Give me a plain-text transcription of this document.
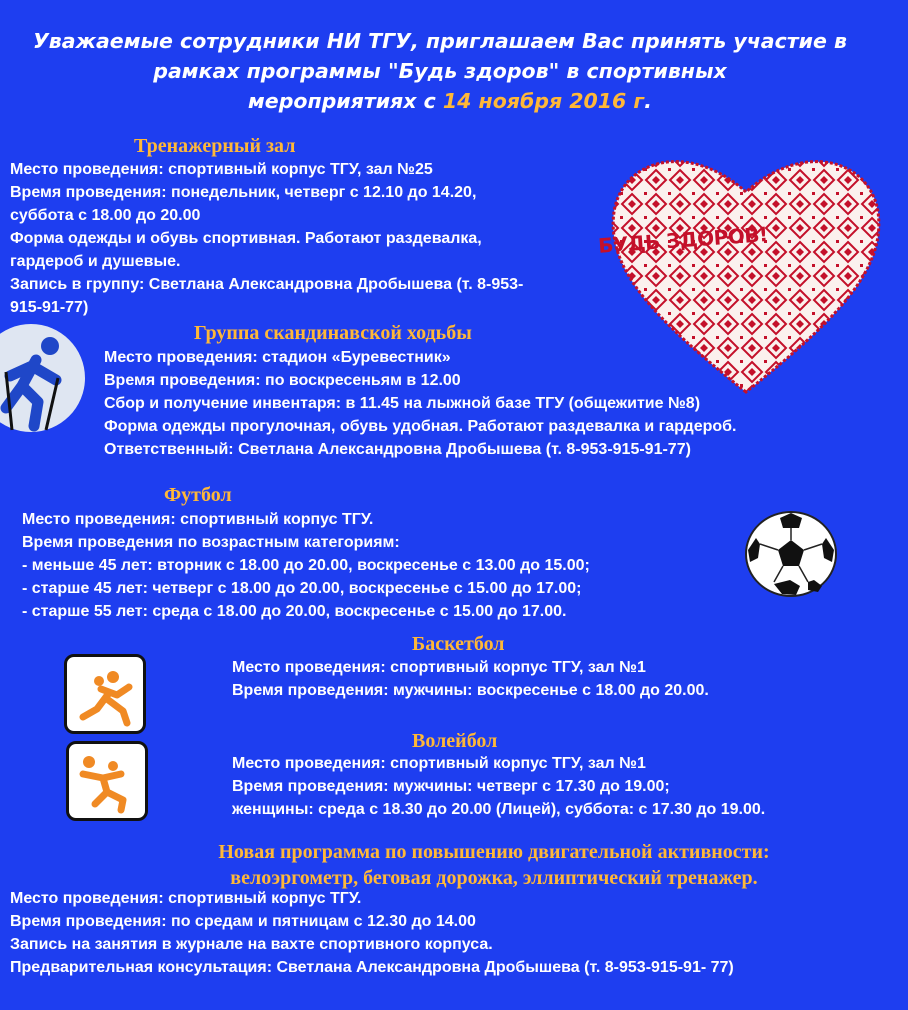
Уважаемые сотрудники НИ ТГУ, приглашаем Вас принять участие в
рамках программы "Будь здоров" в спортивных
мероприятиях с 14 ноября 2016 г.
БУДЬ ЗДОРОВ!
Тренажерный зал
Место проведения: спортивный корпус ТГУ, зал №25
Время проведения: понедельник, четверг с 12.10 до 14.20,
суббота с 18.00 до 20.00
Форма одежды и обувь спортивная. Работают раздевалка,
гардероб и душевые.
Запись в группу: Светлана Александровна Дробышева (т. 8-953-
915-91-77)
Группа скандинавской ходьбы
Место проведения: стадион «Буревестник»
Время проведения: по воскресеньям в 12.00
Сбор и получение инвентаря: в 11.45 на лыжной базе ТГУ (общежитие №8)
Форма одежды прогулочная, обувь удобная. Работают раздевалка и гардероб.
Ответственный: Светлана Александровна Дробышева (т. 8-953-915-91-77)
Футбол
Место проведения: спортивный корпус ТГУ.
Время проведения по возрастным категориям:
- меньше 45 лет: вторник с 18.00 до 20.00, воскресенье с 13.00 до 15.00;
- старше 45 лет: четверг с 18.00 до 20.00, воскресенье с 15.00 до 17.00;
- старше 55 лет: среда с 18.00 до 20.00, воскресенье с 15.00 до 17.00.
Баскетбол
Место проведения: спортивный корпус ТГУ, зал №1
Время проведения: мужчины: воскресенье с 18.00 до 20.00.
Волейбол
Место проведения: спортивный корпус ТГУ, зал №1
Время проведения: мужчины: четверг с 17.30 до 19.00;
женщины: среда с 18.30 до 20.00 (Лицей), суббота: с 17.30 до 19.00.
Новая программа по повышению двигательной активности:
велоэргометр, беговая дорожка, эллиптический тренажер.
Место проведения: спортивный корпус ТГУ.
Время проведения: по средам и пятницам с 12.30 до 14.00
Запись на занятия в журнале на вахте спортивного корпуса.
Предварительная консультация: Светлана Александровна Дробышева (т. 8-953-915-91- 77)
